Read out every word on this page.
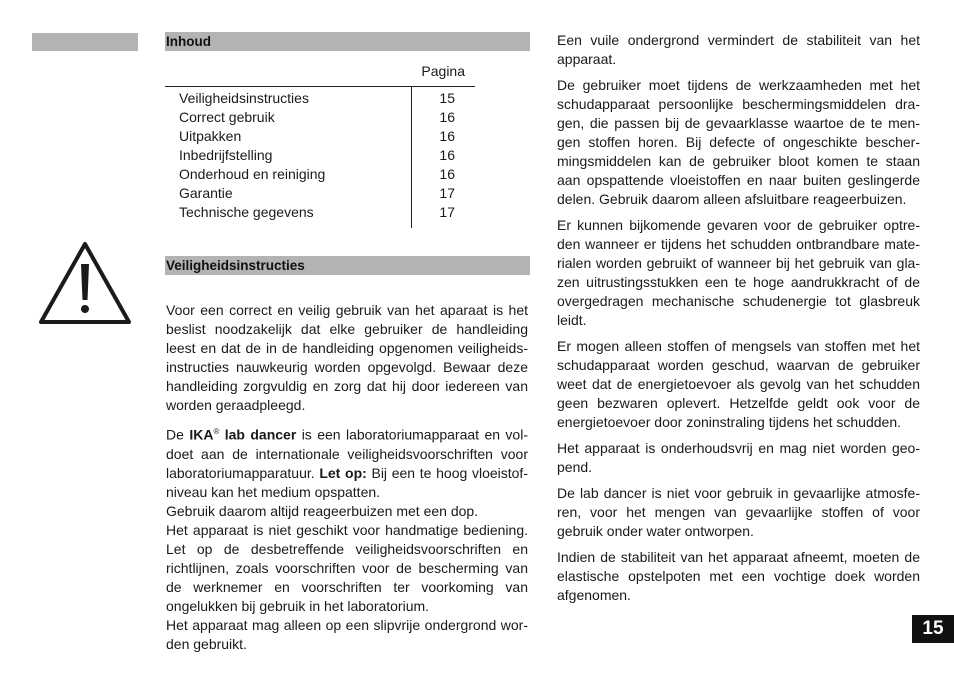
Inhoud
Pagina
Veiligheidsinstructies	15
Correct gebruik	16
Uitpakken	16
Inbedrijfstelling	16
Onderhoud en reiniging	16
Garantie	17
Technische gegevens	17
Veiligheidsinstructies

Voor een correct en veilig gebruik van het aparaat is het beslist noodzakelijk dat elke gebruiker de handleiding leest en dat de in de handleiding opgenomen veiligheids-instructies nauwkeurig worden opgevolgd. Bewaar deze handleiding zorgvuldig en zorg dat hij door iedereen van worden geraadpleegd.

De IKA® lab dancer is een laboratoriumapparaat en vol-doet aan de internationale veiligheidsvoorschriften voor laboratoriumapparatuur. Let op: Bij een te hoog vloeistof-niveau kan het medium opspatten.

Gebruik daarom altijd reageerbuizen met een dop.

Het apparaat is niet geschikt voor handmatige bediening. Let op de desbetreffende veiligheidsvoorschriften en richtlijnen, zoals voorschriften voor de bescherming van de werknemer en voorschriften ter voorkoming van ongelukken bij gebruik in het laboratorium.

Het apparaat mag alleen op een slipvrije ondergrond wor-den gebruikt.

Een vuile ondergrond vermindert de stabiliteit van het apparaat.

De gebruiker moet tijdens de werkzaamheden met het schudapparaat persoonlijke beschermingsmiddelen dra-gen, die passen bij de gevaarklasse waartoe de te men-gen stoffen horen. Bij defecte of ongeschikte bescher-mingsmiddelen kan de gebruiker bloot komen te staan aan opspattende vloeistoffen en naar buiten geslingerde delen. Gebruik daarom alleen afsluitbare reageerbuizen.

Er kunnen bijkomende gevaren voor de gebruiker optre-den wanneer er tijdens het schudden ontbrandbare mate-rialen worden gebruikt of wanneer bij het gebruik van gla-zen uitrustingsstukken een te hoge aandrukkracht of de overgedragen mechanische schudenergie tot glasbreuk leidt.

Er mogen alleen stoffen of mengsels van stoffen met het schudapparaat worden geschud, waarvan de gebruiker weet dat de energietoevoer als gevolg van het schudden geen bezwaren oplevert. Hetzelfde geldt ook voor de energietoevoer door zoninstraling tijdens het schudden.

Het apparaat is onderhoudsvrij en mag niet worden geo-pend.

De lab dancer is niet voor gebruik in gevaarlijke atmosfe-ren, voor het mengen van gevaarlijke stoffen of voor gebruik onder water ontworpen.

Indien de stabiliteit van het apparaat afneemt, moeten de elastische opstelpoten met een vochtige doek worden afgenomen.

15
